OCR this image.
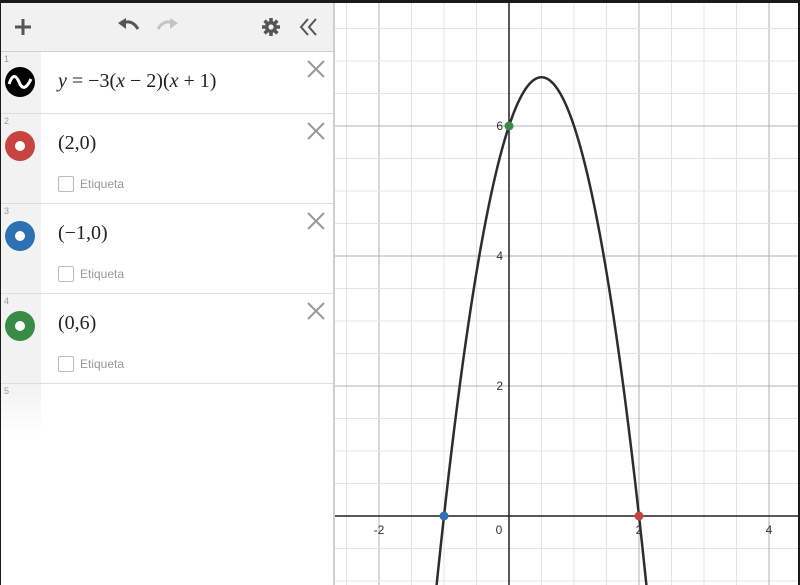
1
y = −3(x − 2)(x + 1)
2
(2,0)
Etiqueta
3
(−1,0)
Etiqueta
4
(0,6)
Etiqueta
5
-2	0	2	4
2
4
6
